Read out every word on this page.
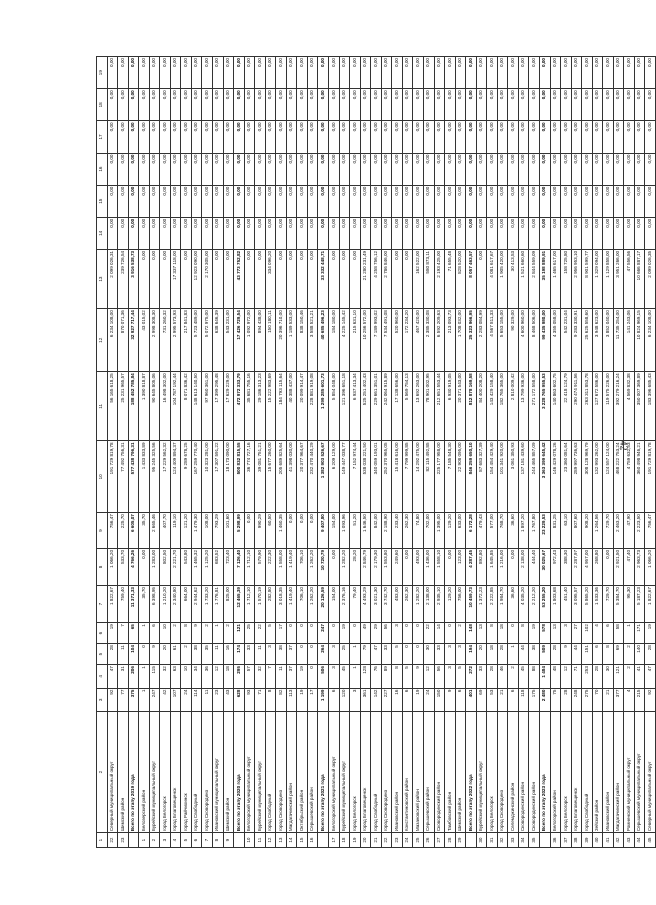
42
1	2	3	4	5	6	7	8	9	10	11	12	13	14	15	16	17	18	19
22	Северный муниципальный округ	92	47	28	19	1 822,67	1 066,20	756,47	191 729 819,78	56 165 618,25	6 234 108,00	2 099 026,31	0,00	0,00	0,00	0,00	0,00	0,00
23	Шимский район	77	31	11	7	759,40	533,70	225,70	77 492 756,31	25 231 965,57	870 071,36	239 726,54	0,00	0,00	0,00	0,00	0,00	0,00
	Всего по этапу 2019 года	375	206	104	65	11 371,33	4 766,26	6 605,07	577 438 796,31	188 452 785,84	32 927 717,44	3 916 538,73	0,00	0,00	0,00	0,00	0,00	0,00
1	Белозерский район	1	1	0	1	35,70	0,00	35,70	1 433 833,89	1 390 818,87	43 015,02	0,00	0,00	0,00	0,00	0,00	0,00	0,00
2	Бурейский муниципальный округ	247	115	9	6	6 398,95	1 283,00	2 665,46	95 245 325,56	90 645 805,06	2 998 308,30	0,00	0,00	0,00	0,00	0,00	0,00	0,00
3	город Белогорск	42	32	20	10	1 210,20	802,50	407,70	17 229 562,32	16 498 302,00	731 260,32	0,00	0,00	0,00	0,00	0,00	0,00	0,00
4	город Благовещенск	107	63	61	2	2 340,80	2 221,70	119,10	124 409 894,37	104 787 192,44	2 995 573,93	17 337 118,00	0,00	0,00	0,00	0,00	0,00	0,00
5	город Райчихинск	24	10	2	8	664,00	543,80	121,20	9 289 678,25	8 071 836,42	217 841,83	0,00	0,00	0,00	0,00	0,00	0,00	0,00
6	город Свободный	114	34	38	9	2 944,62	1 465,32	1 479,30	167 259 770,40	148 613 140,50	5 723 489,00	12 923 090,00	0,00	0,00	0,00	0,00	0,00	0,00
7	город Сковородино	11	36	35	2	1 733,20	1 125,20	108,00	10 323 281,00	97 960 361,00	5 072 975,00	2 170 305,00	0,00	0,00	0,00	0,00	0,00	0,00
8	Ивановский муниципальный округ	23	12	11	1	1 776,81	683,52	793,29	17 307 591,22	17 399 295,48	638 646,39	0,00	0,00	0,00	0,00	0,00	0,00	0,00
9	Шимский район	43	18	16	2	825,00	723,40	101,60	18 173 090,00	17 629 229,00	543 231,00	0,00	0,00	0,00	0,00	0,00	0,00	0,00
	Всего по этапу 2020 года	628	295	174	121	12 465,39	7 126,40	5 298,99	500 832 815,55	472 972 333,79	17 426 729,54	43 773 752,82	0,00	0,00	0,00	0,00	0,00	0,00
10	Белогорский муниципальный округ	93	57	33	25	1 712,10	1 712,10	0,00	36 774 727,16	35 681 755,16	1 092 972,00	0,00	0,00	0,00	0,00	0,00	0,00	0,00
11	Бурейский муниципальный округ	71	32	11	22	1 570,19	579,90	990,29	39 081 751,21	29 186 313,23	894 438,00	0,00	0,00	0,00	0,00	0,00	0,00	0,00
12	город Свободный	8	7	3	5	282,80	222,30	60,50	15 677 260,00	15 222 983,69	150 180,11	334 096,20	0,00	0,00	0,00	0,00	0,00	0,00
13	город Сковородино	82	11	38	17	3 018,35	1 558,00	1 460,35	205 689 825,64	184 793 115,64	20 396 710,00	0,00	0,00	0,00	0,00	0,00	0,00	0,00
14	Магдагачинский район	113	37	37	0	1 419,40	1 419,40	0,00	41 398 030,00	40 388 437,00	1 189 533,00	0,00	0,00	0,00	0,00	0,00	0,00	0,00
15	Октябрьский район	19	19	0	0	706,10	706,10	0,00	20 377 964,67	20 099 914,47	838 150,46	0,00	0,00	0,00	0,00	0,00	0,00	0,00
16	Серышевский район	17	0	0	0	1 262,20	1 262,20	0,00	232 470 440,29	228 881 919,08	3 588 521,21	0,00	0,00	0,00	0,00	0,00	0,00	0,00
	Всего по этапу 2021 года	1 199	506	264	247	20 126,59	10 720,79	9 407,80	1 382 903 526,67	1 299 285 601,73	40 685 496,23	33 332 448,71	0,00	0,00	0,00	0,00	0,00	0,00
17	Белогорский муниципальный округ	6	3	3	0	154,00	0,00	154,00	6 209 129,00	5 854 048,00	184 180,00	0,00	0,00	0,00	0,00	0,00	0,00	0,00
18	Бурейский муниципальный округ	120	45	25	19	2 376,16	1 282,20	1 093,96	149 447 038,77	121 396 651,18	4 225 145,42	0,00	0,00	0,00	0,00	0,00	0,00	0,00
19	город Белогорск	3	1	1	0	79,40	28,20	51,20	7 152 974,44	6 937 413,34	215 631,10	0,00	0,00	0,00	0,00	0,00	0,00	0,00
20	город Благовещенск	361	128	79	49	4 493,29	2 846,79	1 646,50	538 038 221,50	525 251 402,43	10 256 572,00	21 280 231,49	0,00	0,00	0,00	0,00	0,00	0,00
21	город Свободный	142	76	47	29	3 021,30	2 179,30	842,00	340 059 193,01	229 661 351,01	7 189 993,02	4 258 756,12	0,00	0,00	0,00	0,00	0,00	0,00
22	город Сковородино	227	89	33	56	3 742,70	1 553,80	2 188,90	252 370 965,05	242 064 915,89	7 534 491,08	2 786 846,00	0,00	0,00	0,00	0,00	0,00	0,00
23	Ивановский район	16	8	5	3	483,00	249,60	233,40	15 418 616,00	17 138 656,00	520 960,00	0,00	0,00	0,00	0,00	0,00	0,00	0,00
24	Константиновский район	6	5	0	0	262,30	0,00	262,30	7 799 999,85	5 569 754,13	172 234,20	0,00	0,00	0,00	0,00	0,00	0,00	0,00
25	Мазановский район	19	9	0	0	1 282,20	493,00	74,80	14 292 475,00	13 692 263,00	467 420,00	162 522,00	0,00	0,00	0,00	0,00	0,00	0,00
26	Серышевский район	24	12	30	22	2 138,00	1 436,00	702,00	82 115 492,85	78 901 002,95	2 385 330,08	580 873,11	0,00	0,00	0,00	0,00	0,00	0,00
27	Сковородинский район	150	56	33	14	2 935,10	1 558,10	1 395,00	225 177 958,00	212 651 553,44	6 592 209,63	2 193 425,00	0,00	0,00	0,00	0,00	0,00	0,00
28	Тамбовский район	9	3	3	0	129,20	0,00	129,20	7 185 548,30	6 930 919,05	213 093,73	71 655,48	0,00	0,00	0,00	0,00	0,00	0,00
29	Шимский район	6	5	3	2	756,00	123,00	633,00	22 908 095,00	20 371 543,00	1 708 032,00	828 520,00	0,00	0,00	0,00	0,00	0,00	0,00
	Всего по этапу 2022 года	401	272	194	148	10 459,73	4 287,45	6 172,28	846 259 650,10	812 878 169,58	25 323 966,95	8 057 463,57	0,00	0,00	0,00	0,00	0,00	0,00
30	Бурейский муниципальный округ	69	33	20	13	1 372,23	892,80	479,43	87 683 327,39	84 400 208,20	2 283 084,99	0,00	0,00	0,00	0,00	0,00	0,00	0,00
31	город Белогорск	53	28	18	8	2 222,85	1 645,85	577,00	154 454 429,40	143 429 158,40	4 567 811,33	4 081 617,67	0,00	0,00	0,00	0,00	0,00	0,00
32	город Сковородино	21	46	28	18	1 984,70	1 216,00	768,70	101 341 920,00	182 765 365,00	5 653 155,00	1 905 420,00	0,00	0,00	0,00	0,00	0,00	0,00
33	Селемджинский район	6	2	1	0	36,60	0,00	36,60	3 061 350,93	2 810 009,42	90 329,00	30 413,53	0,00	0,00	0,00	0,00	0,00	0,00
34	Сковородинский район	118	45	44	8	4 035,20	2 138,00	1 897,20	137 181 439,60	13 799 936,00	4 600 960,00	1 521 660,60	0,00	0,00	0,00	0,00	0,00	0,00
35	Сковородинский район	175	88	38	19	2 212,20	444,40	1 767,80	244 465 857,09	271 172 558,00	8 468 506,00	2 844 559,09	0,00	0,00	0,00	0,00	0,00	0,00
	Всего по этапу 2023 года	2 480	1 484	509	578	53 255,20	30 025,67	23 229,53	3 363 399 645,42	3 228 765 955,53	99 435 980,00	35 198 889,91	0,00	0,00	0,00	0,00	0,00	0,00
36	Белогорский район	75	48	28	13	1 803,68	972,43	831,25	146 429 078,26	140 863 602,75	4 355 058,00	1 465 617,00	0,00	0,00	0,00	0,00	0,00	0,00
37	город Белогорск	28	12	9	3	451,40	388,30	63,10	23 360 081,64	22 418 124,79	542 231,04	158 725,80	0,00	0,00	0,00	0,00	0,00	0,00
38	город Благовещенск	248	71	44	27	3 095,57	2 287,97	807,60	289 997 736,63	290 474 911,56	9 283 330,91	2 956 953,10	0,00	0,00	0,00	0,00	0,00	0,00
39	город Свободный	275	253	151	102	5 865,20	4 957,00	908,20	308 128 969,79	263 311 853,78	25 625 558,60	8 901 599,77	0,00	0,00	0,00	0,00	0,00	0,00
40	Зейский район	70	28	6	4	1 533,36	268,80	1 264,56	132 993 262,00	127 672 586,00	3 948 623,00	1 329 094,00	0,00	0,00	0,00	0,00	0,00	0,00
41	Ивановский район	21	30	8	6	729,70	0,00	729,70	124 557 124,00	119 575 226,00	3 852 040,00	1 129 858,00	0,00	0,00	0,00	0,00	0,00	0,00
42	Магдагачинский район	377	121	69	58	5 384,70	2 921,50	2 463,20	468 222 753,24	392 279 216,24	11 735 254,00	3 951 266,00	0,00	0,00	0,00	0,00	0,00	0,00
43	Ромненский муниципальный округ	4	2	2	1	95,30	47,40	47,90	4 759 632,53	4 569 832,38	141 243,06	47 556,56	0,00	0,00	0,00	0,00	0,00	0,00
44	Серышевский муниципальный округ	215	41	140	171	5 187,23	2 963,73	2 223,50	360 498 946,21	350 007 369,89	10 824 969,15	10 666 887,17	0,00	0,00	0,00	0,00	0,00	0,00
45	Северный муниципальный округ	92	47	28	19	1 822,67	1 066,20	756,47	191 729 819,78	183 396 685,43	6 234 108,00	2 099 026,35	0,00	0,00	0,00	0,00	0,00	0,00
